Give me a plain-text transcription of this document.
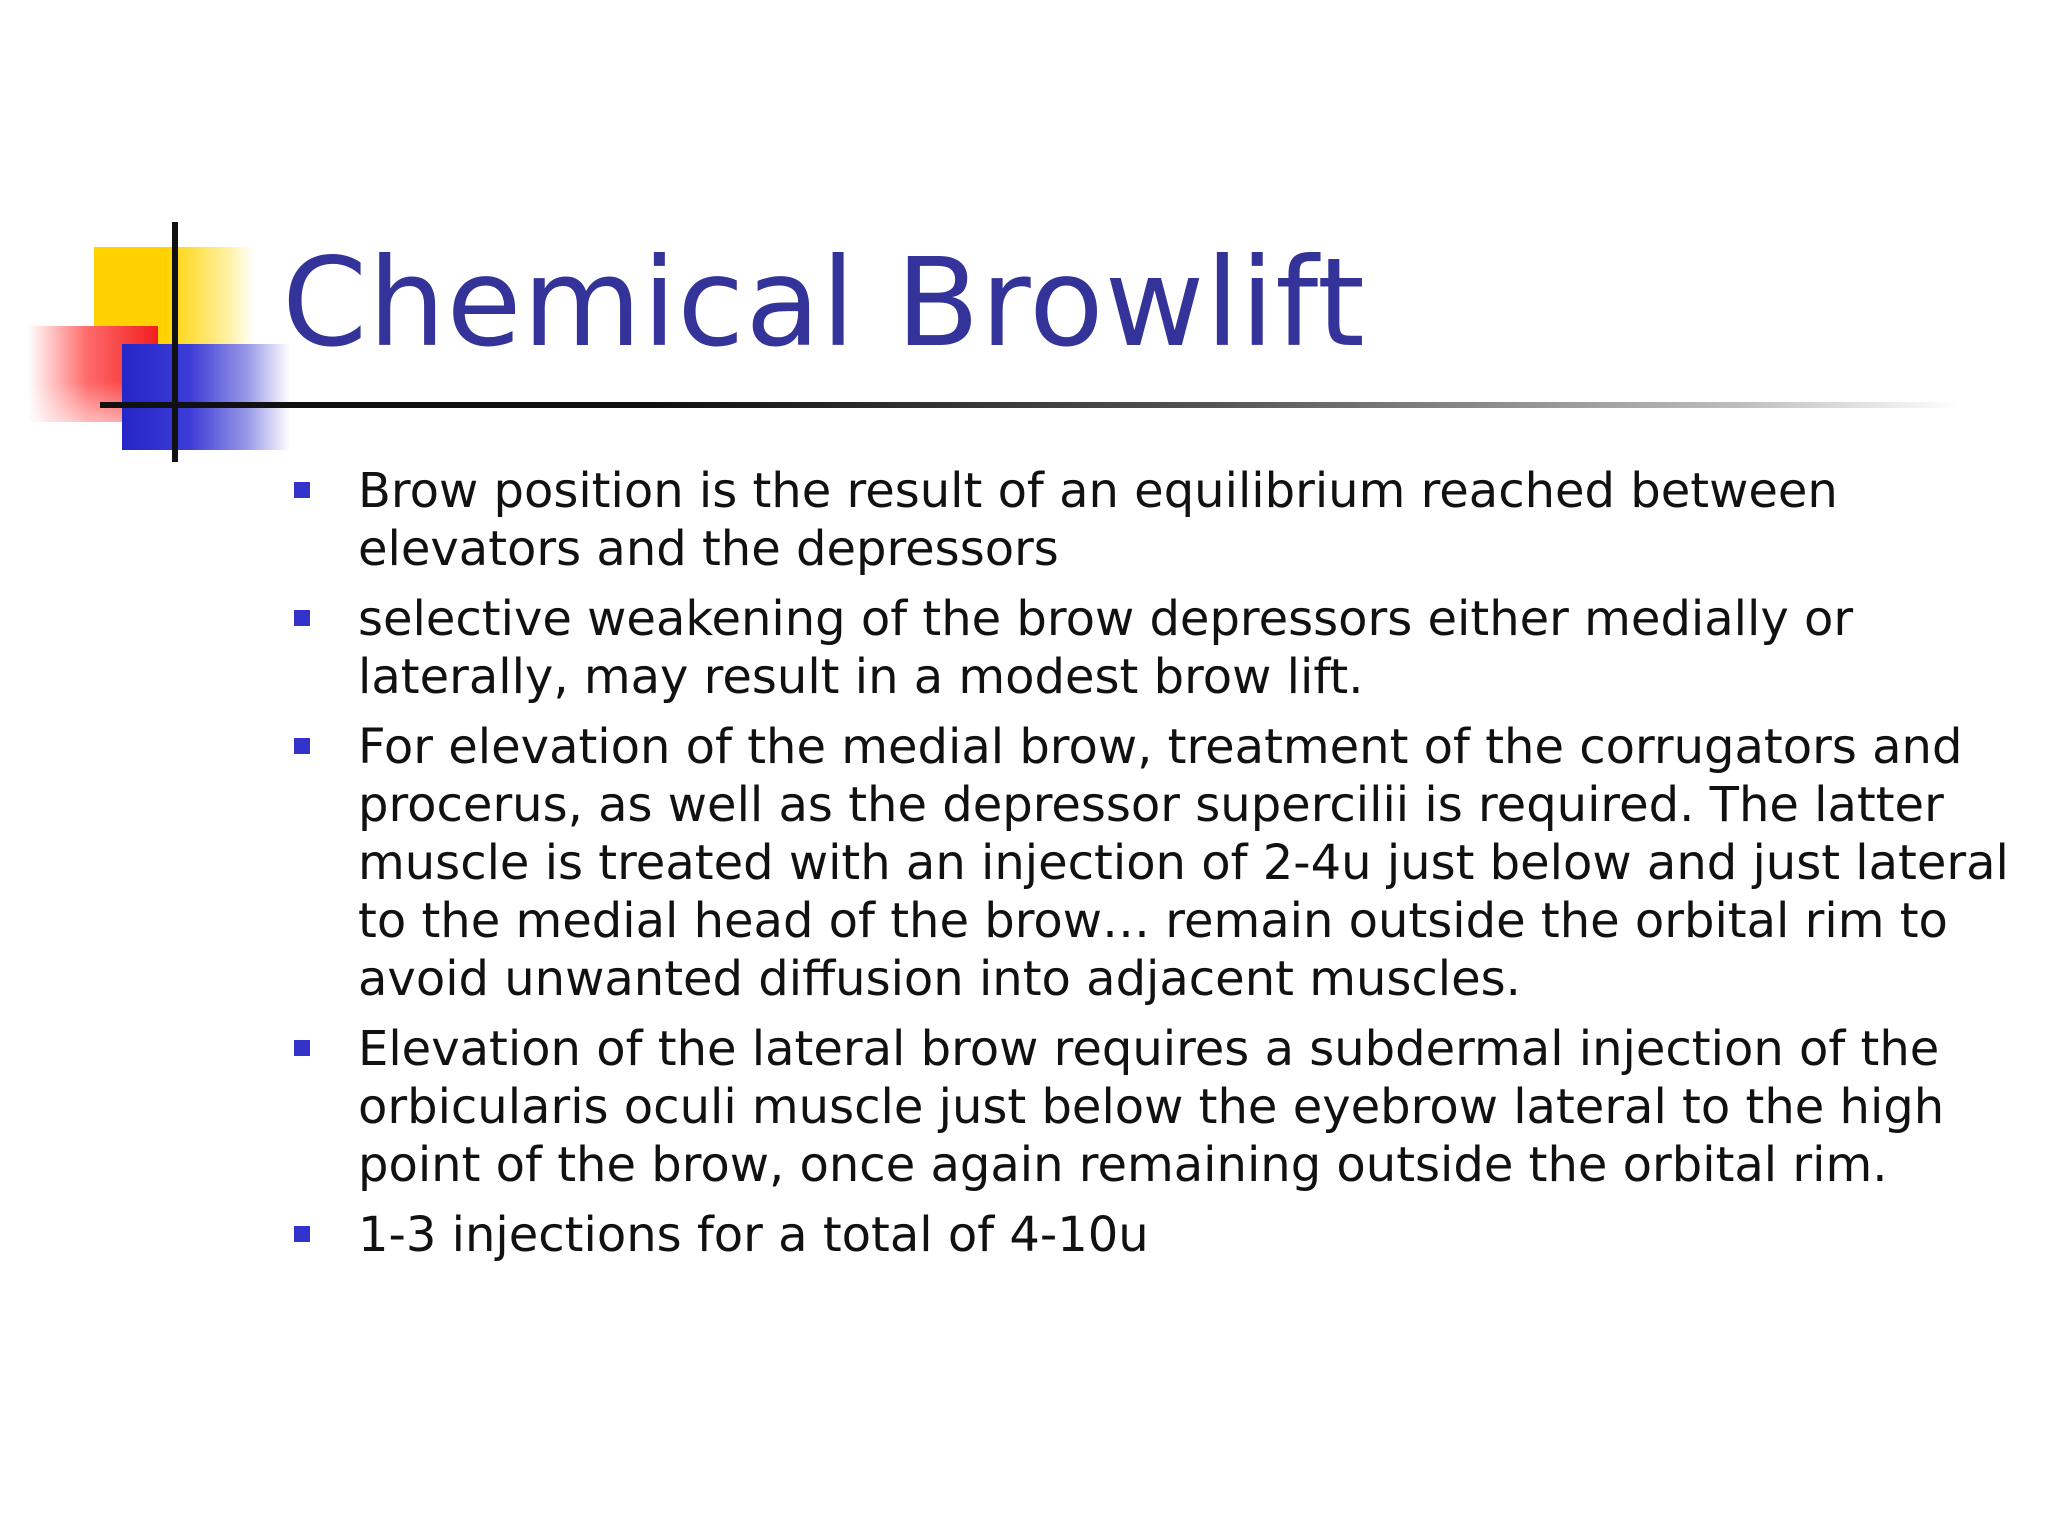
Chemical Browlift
Brow position is the result of an equilibrium reached between elevators and the depressors
selective weakening of the brow depressors either medially or laterally, may result in a modest brow lift.
For elevation of the medial brow, treatment of the corrugators and procerus, as well as the depressor supercilii is required. The latter muscle is treated with an injection of 2-4u just below and just lateral to the medial head of the brow… remain outside the orbital rim to avoid unwanted diffusion into adjacent muscles.
Elevation of the lateral brow requires a subdermal injection of the orbicularis oculi muscle just below the eyebrow lateral to the high point of the brow, once again remaining outside the orbital rim.
1-3 injections for a total of 4-10u
